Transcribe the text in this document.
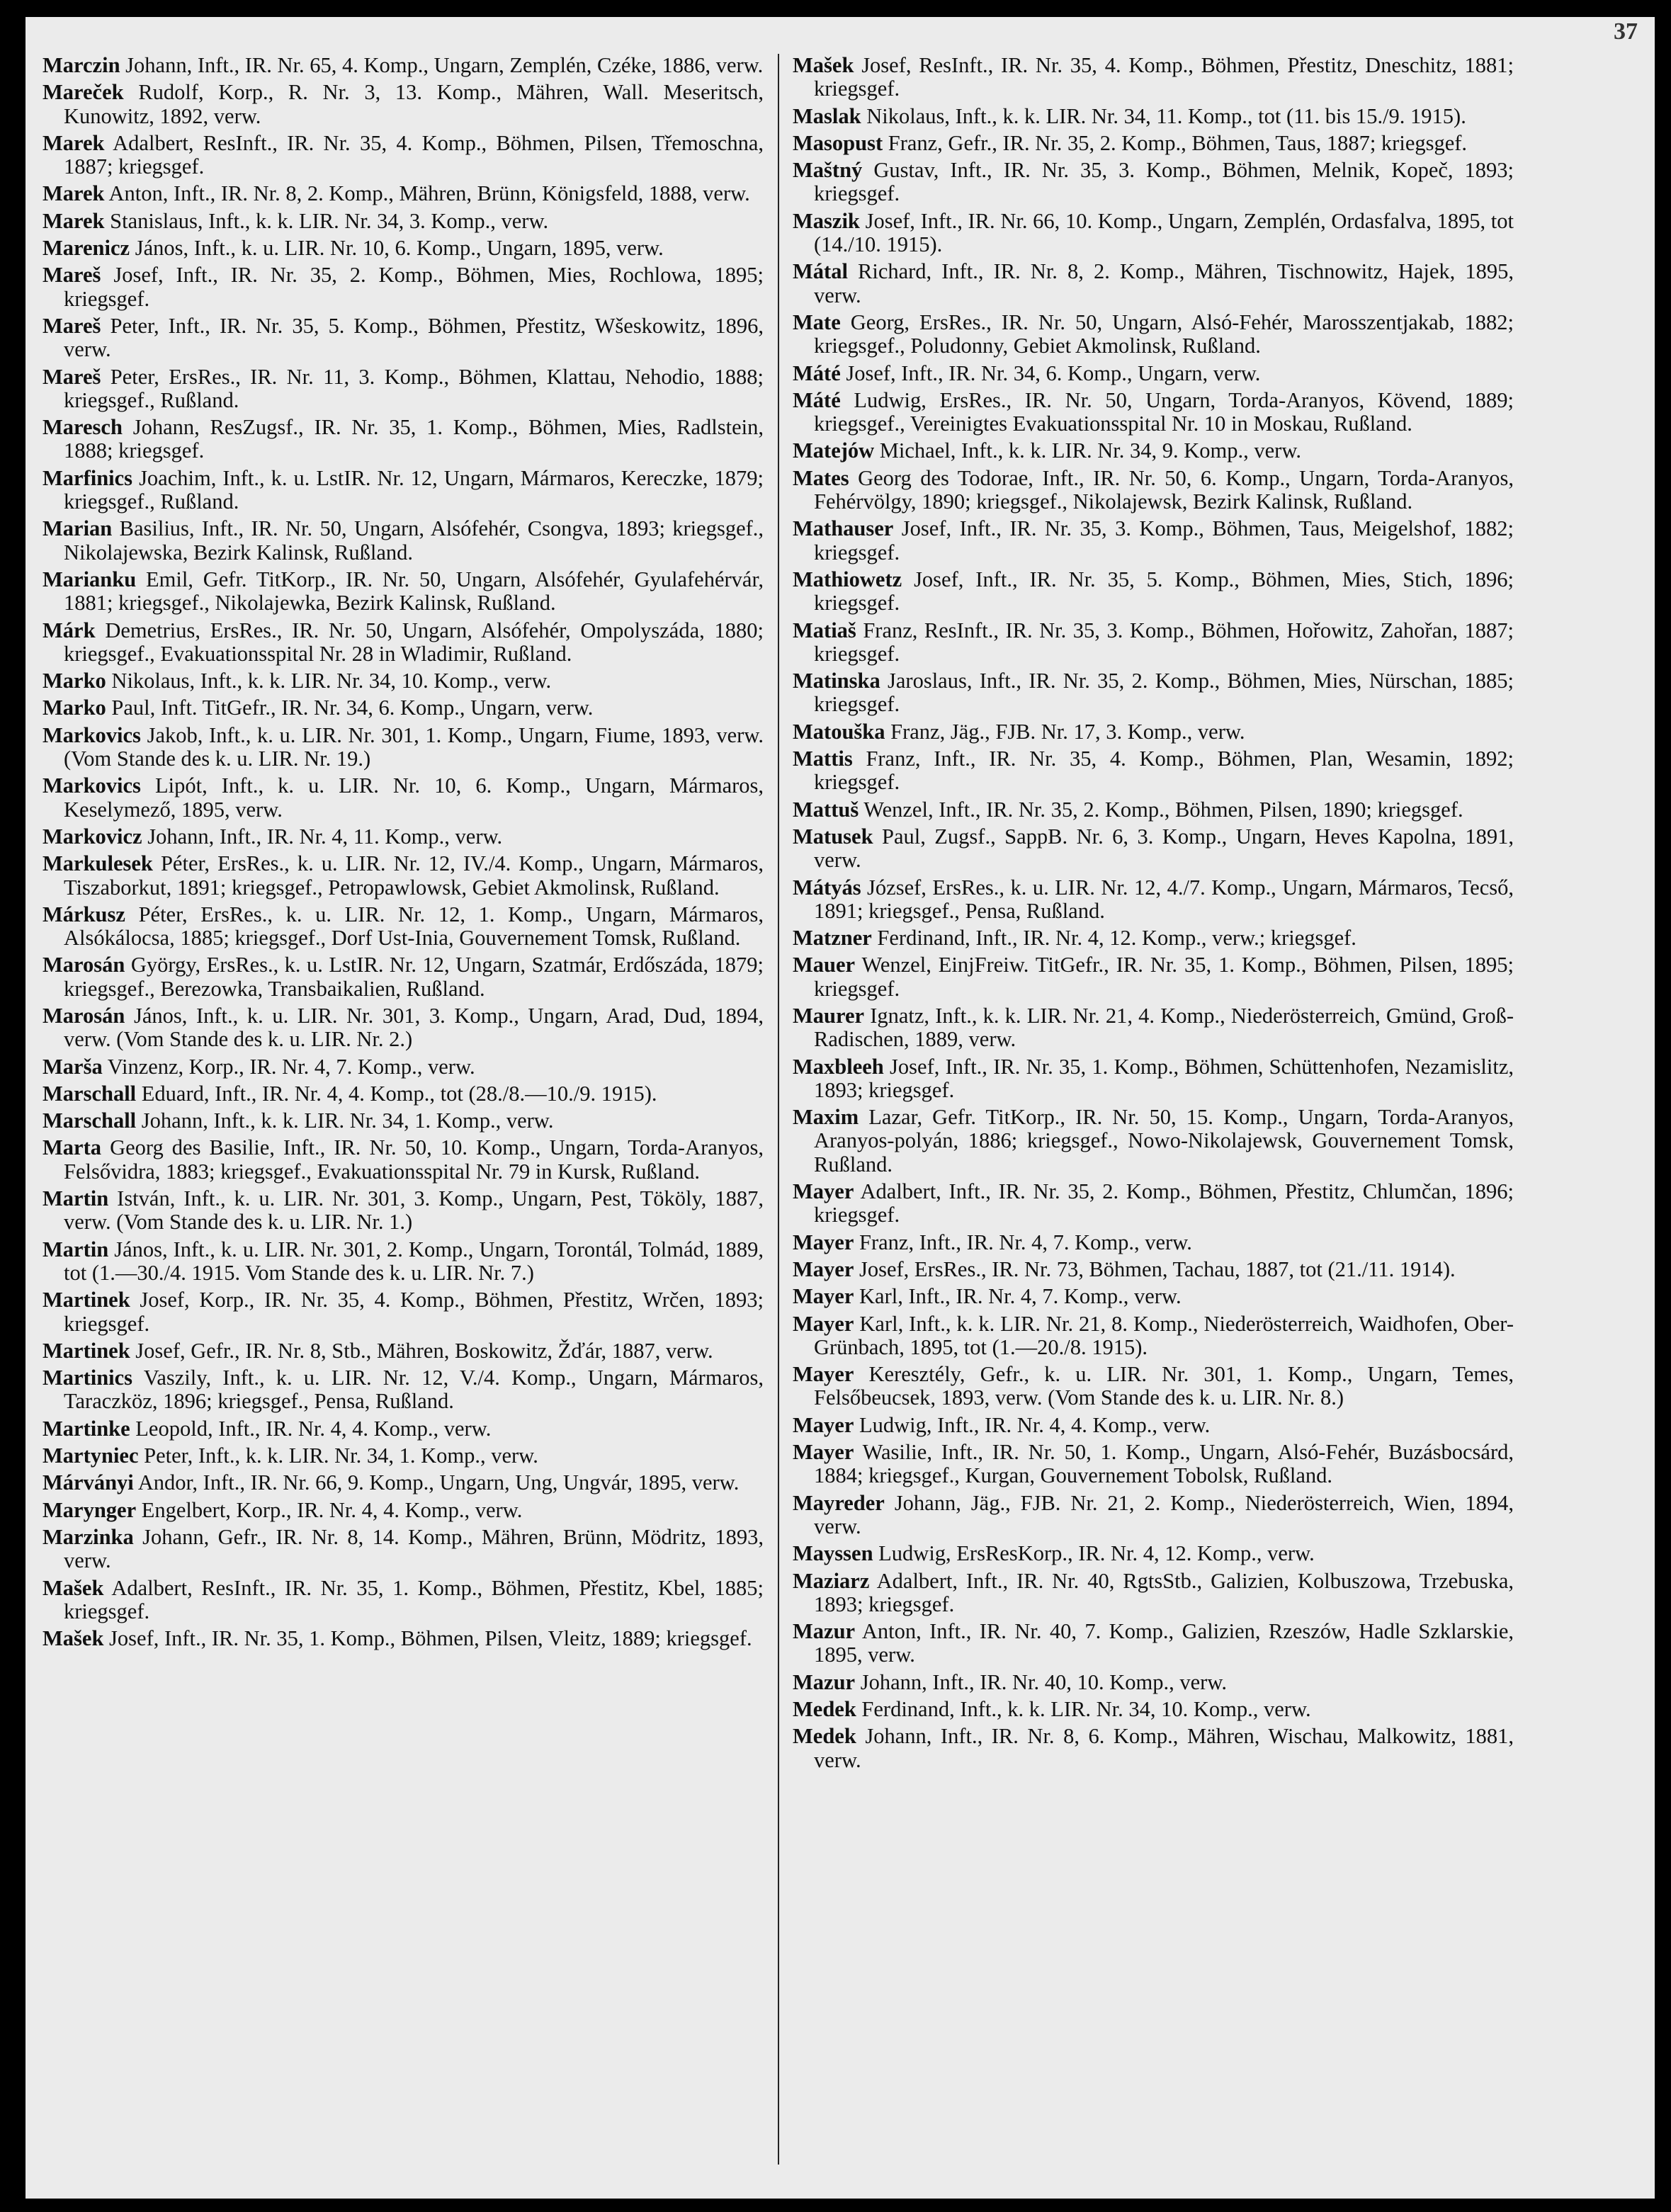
37

Marczin Johann, Inft., IR. Nr. 65, 4. Komp., Ungarn, Zemplén, Czéke, 1886, verw.

Mareček Rudolf, Korp., R. Nr. 3, 13. Komp., Mähren, Wall. Meseritsch, Kunowitz, 1892, verw.

Marek Adalbert, ResInft., IR. Nr. 35, 4. Komp., Böhmen, Pilsen, Třemoschna, 1887; kriegsgef.

Marek Anton, Inft., IR. Nr. 8, 2. Komp., Mähren, Brünn, Königsfeld, 1888, verw.

Marek Stanislaus, Inft., k. k. LIR. Nr. 34, 3. Komp., verw.

Marenicz János, Inft., k. u. LIR. Nr. 10, 6. Komp., Ungarn, 1895, verw.

Mareš Josef, Inft., IR. Nr. 35, 2. Komp., Böhmen, Mies, Rochlowa, 1895; kriegsgef.

Mareš Peter, Inft., IR. Nr. 35, 5. Komp., Böhmen, Přestitz, Wšeskowitz, 1896, verw.

Mareš Peter, ErsRes., IR. Nr. 11, 3. Komp., Böhmen, Klattau, Nehodio, 1888; kriegsgef., Rußland.

Maresch Johann, ResZugsf., IR. Nr. 35, 1. Komp., Böhmen, Mies, Radlstein, 1888; kriegsgef.

Marfinics Joachim, Inft., k. u. LstIR. Nr. 12, Ungarn, Mármaros, Kereczke, 1879; kriegsgef., Rußland.

Marian Basilius, Inft., IR. Nr. 50, Ungarn, Alsófehér, Csongva, 1893; kriegsgef., Nikolajewska, Bezirk Kalinsk, Rußland.

Marianku Emil, Gefr. TitKorp., IR. Nr. 50, Ungarn, Alsófehér, Gyulafehérvár, 1881; kriegsgef., Nikolajewka, Bezirk Kalinsk, Rußland.

Márk Demetrius, ErsRes., IR. Nr. 50, Ungarn, Alsófehér, Ompolyszáda, 1880; kriegsgef., Evakuationsspital Nr. 28 in Wladimir, Rußland.

Marko Nikolaus, Inft., k. k. LIR. Nr. 34, 10. Komp., verw.

Marko Paul, Inft. TitGefr., IR. Nr. 34, 6. Komp., Ungarn, verw.

Markovics Jakob, Inft., k. u. LIR. Nr. 301, 1. Komp., Ungarn, Fiume, 1893, verw. (Vom Stande des k. u. LIR. Nr. 19.)

Markovics Lipót, Inft., k. u. LIR. Nr. 10, 6. Komp., Ungarn, Mármaros, Keselymező, 1895, verw.

Markovicz Johann, Inft., IR. Nr. 4, 11. Komp., verw.

Markulesek Péter, ErsRes., k. u. LIR. Nr. 12, IV./4. Komp., Ungarn, Mármaros, Tiszaborkut, 1891; kriegsgef., Petropawlowsk, Gebiet Akmolinsk, Rußland.

Márkusz Péter, ErsRes., k. u. LIR. Nr. 12, 1. Komp., Ungarn, Mármaros, Alsókálocsa, 1885; kriegsgef., Dorf Ust-Inia, Gouvernement Tomsk, Rußland.

Marosán György, ErsRes., k. u. LstIR. Nr. 12, Ungarn, Szatmár, Erdőszáda, 1879; kriegsgef., Berezowka, Transbaikalien, Rußland.

Marosán János, Inft., k. u. LIR. Nr. 301, 3. Komp., Ungarn, Arad, Dud, 1894, verw. (Vom Stande des k. u. LIR. Nr. 2.)

Marša Vinzenz, Korp., IR. Nr. 4, 7. Komp., verw.

Marschall Eduard, Inft., IR. Nr. 4, 4. Komp., tot (28./8.—10./9. 1915).

Marschall Johann, Inft., k. k. LIR. Nr. 34, 1. Komp., verw.

Marta Georg des Basilie, Inft., IR. Nr. 50, 10. Komp., Ungarn, Torda-Aranyos, Felsővidra, 1883; kriegsgef., Evakuationsspital Nr. 79 in Kursk, Rußland.

Martin István, Inft., k. u. LIR. Nr. 301, 3. Komp., Ungarn, Pest, Tököly, 1887, verw. (Vom Stande des k. u. LIR. Nr. 1.)

Martin János, Inft., k. u. LIR. Nr. 301, 2. Komp., Ungarn, Torontál, Tolmád, 1889, tot (1.—30./4. 1915. Vom Stande des k. u. LIR. Nr. 7.)

Martinek Josef, Korp., IR. Nr. 35, 4. Komp., Böhmen, Přestitz, Wrčen, 1893; kriegsgef.

Martinek Josef, Gefr., IR. Nr. 8, Stb., Mähren, Boskowitz, Žďár, 1887, verw.

Martinics Vaszily, Inft., k. u. LIR. Nr. 12, V./4. Komp., Ungarn, Mármaros, Taraczköz, 1896; kriegsgef., Pensa, Rußland.

Martinke Leopold, Inft., IR. Nr. 4, 4. Komp., verw.

Martyniec Peter, Inft., k. k. LIR. Nr. 34, 1. Komp., verw.

Márványi Andor, Inft., IR. Nr. 66, 9. Komp., Ungarn, Ung, Ungvár, 1895, verw.

Marynger Engelbert, Korp., IR. Nr. 4, 4. Komp., verw.

Marzinka Johann, Gefr., IR. Nr. 8, 14. Komp., Mähren, Brünn, Mödritz, 1893, verw.

Mašek Adalbert, ResInft., IR. Nr. 35, 1. Komp., Böhmen, Přestitz, Kbel, 1885; kriegsgef.

Mašek Josef, Inft., IR. Nr. 35, 1. Komp., Böhmen, Pilsen, Vleitz, 1889; kriegsgef.

Mašek Josef, ResInft., IR. Nr. 35, 4. Komp., Böhmen, Přestitz, Dneschitz, 1881; kriegsgef.

Maslak Nikolaus, Inft., k. k. LIR. Nr. 34, 11. Komp., tot (11. bis 15./9. 1915).

Masopust Franz, Gefr., IR. Nr. 35, 2. Komp., Böhmen, Taus, 1887; kriegsgef.

Maštný Gustav, Inft., IR. Nr. 35, 3. Komp., Böhmen, Melnik, Kopeč, 1893; kriegsgef.

Maszik Josef, Inft., IR. Nr. 66, 10. Komp., Ungarn, Zemplén, Ordasfalva, 1895, tot (14./10. 1915).

Mátal Richard, Inft., IR. Nr. 8, 2. Komp., Mähren, Tischnowitz, Hajek, 1895, verw.

Mate Georg, ErsRes., IR. Nr. 50, Ungarn, Alsó-Fehér, Marosszentjakab, 1882; kriegsgef., Poludonny, Gebiet Akmolinsk, Rußland.

Máté Josef, Inft., IR. Nr. 34, 6. Komp., Ungarn, verw.

Máté Ludwig, ErsRes., IR. Nr. 50, Ungarn, Torda-Aranyos, Kövend, 1889; kriegsgef., Vereinigtes Evakuationsspital Nr. 10 in Moskau, Rußland.

Matejów Michael, Inft., k. k. LIR. Nr. 34, 9. Komp., verw.

Mates Georg des Todorae, Inft., IR. Nr. 50, 6. Komp., Ungarn, Torda-Aranyos, Fehérvölgy, 1890; kriegsgef., Nikolajewsk, Bezirk Kalinsk, Rußland.

Mathauser Josef, Inft., IR. Nr. 35, 3. Komp., Böhmen, Taus, Meigelshof, 1882; kriegsgef.

Mathiowetz Josef, Inft., IR. Nr. 35, 5. Komp., Böhmen, Mies, Stich, 1896; kriegsgef.

Matiaš Franz, ResInft., IR. Nr. 35, 3. Komp., Böhmen, Hořowitz, Zahořan, 1887; kriegsgef.

Matinska Jaroslaus, Inft., IR. Nr. 35, 2. Komp., Böhmen, Mies, Nürschan, 1885; kriegsgef.

Matouška Franz, Jäg., FJB. Nr. 17, 3. Komp., verw.

Mattis Franz, Inft., IR. Nr. 35, 4. Komp., Böhmen, Plan, Wesamin, 1892; kriegsgef.

Mattuš Wenzel, Inft., IR. Nr. 35, 2. Komp., Böhmen, Pilsen, 1890; kriegsgef.

Matusek Paul, Zugsf., SappB. Nr. 6, 3. Komp., Ungarn, Heves Kapolna, 1891, verw.

Mátyás József, ErsRes., k. u. LIR. Nr. 12, 4./7. Komp., Ungarn, Mármaros, Tecső, 1891; kriegsgef., Pensa, Rußland.

Matzner Ferdinand, Inft., IR. Nr. 4, 12. Komp., verw.; kriegsgef.

Mauer Wenzel, EinjFreiw. TitGefr., IR. Nr. 35, 1. Komp., Böhmen, Pilsen, 1895; kriegsgef.

Maurer Ignatz, Inft., k. k. LIR. Nr. 21, 4. Komp., Niederösterreich, Gmünd, Groß-Radischen, 1889, verw.

Maxbleeh Josef, Inft., IR. Nr. 35, 1. Komp., Böhmen, Schüttenhofen, Nezamislitz, 1893; kriegsgef.

Maxim Lazar, Gefr. TitKorp., IR. Nr. 50, 15. Komp., Ungarn, Torda-Aranyos, Aranyos-polyán, 1886; kriegsgef., Nowo-Nikolajewsk, Gouvernement Tomsk, Rußland.

Mayer Adalbert, Inft., IR. Nr. 35, 2. Komp., Böhmen, Přestitz, Chlumčan, 1896; kriegsgef.

Mayer Franz, Inft., IR. Nr. 4, 7. Komp., verw.

Mayer Josef, ErsRes., IR. Nr. 73, Böhmen, Tachau, 1887, tot (21./11. 1914).

Mayer Karl, Inft., IR. Nr. 4, 7. Komp., verw.

Mayer Karl, Inft., k. k. LIR. Nr. 21, 8. Komp., Niederösterreich, Waidhofen, Ober-Grünbach, 1895, tot (1.—20./8. 1915).

Mayer Keresztély, Gefr., k. u. LIR. Nr. 301, 1. Komp., Ungarn, Temes, Felsőbeucsek, 1893, verw. (Vom Stande des k. u. LIR. Nr. 8.)

Mayer Ludwig, Inft., IR. Nr. 4, 4. Komp., verw.

Mayer Wasilie, Inft., IR. Nr. 50, 1. Komp., Ungarn, Alsó-Fehér, Buzásbocsárd, 1884; kriegsgef., Kurgan, Gouvernement Tobolsk, Rußland.

Mayreder Johann, Jäg., FJB. Nr. 21, 2. Komp., Niederösterreich, Wien, 1894, verw.

Mayssen Ludwig, ErsResKorp., IR. Nr. 4, 12. Komp., verw.

Maziarz Adalbert, Inft., IR. Nr. 40, RgtsStb., Galizien, Kolbuszowa, Trzebuska, 1893; kriegsgef.

Mazur Anton, Inft., IR. Nr. 40, 7. Komp., Galizien, Rzeszów, Hadle Szklarskie, 1895, verw.

Mazur Johann, Inft., IR. Nr. 40, 10. Komp., verw.

Medek Ferdinand, Inft., k. k. LIR. Nr. 34, 10. Komp., verw.

Medek Johann, Inft., IR. Nr. 8, 6. Komp., Mähren, Wischau, Malkowitz, 1881, verw.
